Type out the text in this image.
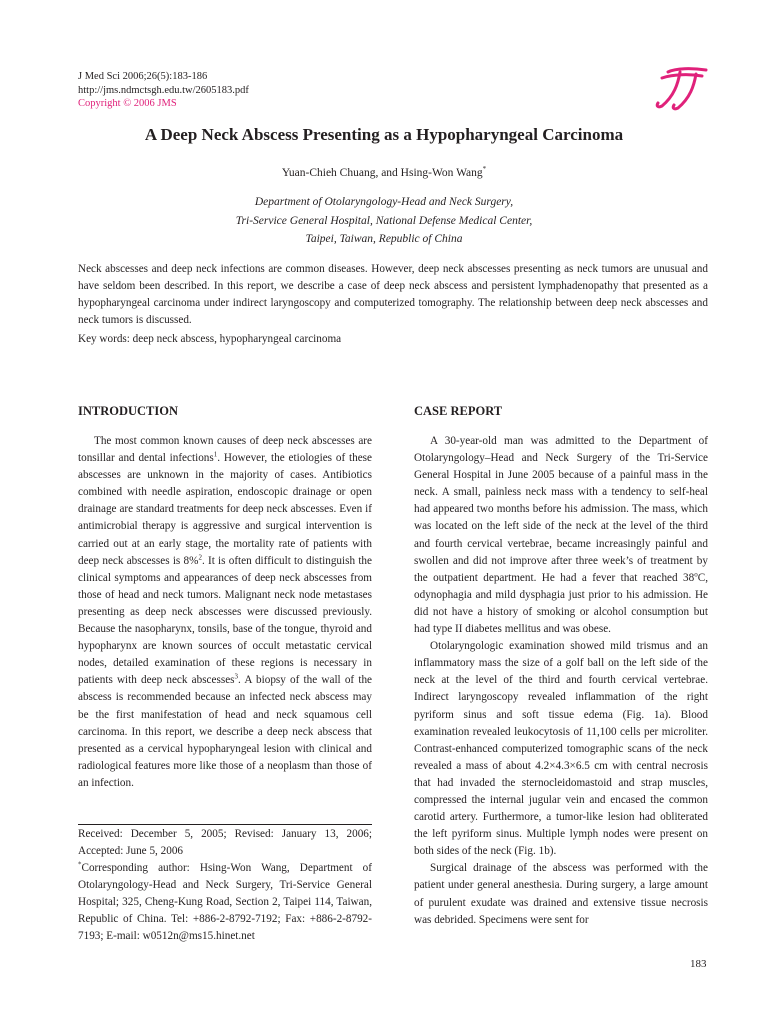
J Med Sci 2006;26(5):183-186
http://jms.ndmctsgh.edu.tw/2605183.pdf
Copyright © 2006 JMS
A Deep Neck Abscess Presenting as a Hypopharyngeal Carcinoma
Yuan-Chieh Chuang, and Hsing-Won Wang*
Department of Otolaryngology-Head and Neck Surgery,
Tri-Service General Hospital, National Defense Medical Center,
Taipei, Taiwan, Republic of China

Neck abscesses and deep neck infections are common diseases. However, deep neck abscesses presenting as neck tumors are unusual and have seldom been described. In this report, we describe a case of deep neck abscess and persistent lymphadenopathy that presented as a hypopharyngeal carcinoma under indirect laryngoscopy and computerized tomography. The relationship between deep neck abscesses and neck tumors is discussed.

Key words: deep neck abscess, hypopharyngeal carcinoma
INTRODUCTION

The most common known causes of deep neck abscesses are tonsillar and dental infections$^1$. However, the etiologies of these abscesses are unknown in the majority of cases. Antibiotics combined with needle aspiration, endoscopic drainage or open drainage are standard treatments for deep neck abscesses. Even if antimicrobial therapy is aggressive and surgical intervention is carried out at an early stage, the mortality rate of patients with deep neck abscesses is 8%$^2$. It is often difficult to distinguish the clinical symptoms and appearances of deep neck abscesses from those of head and neck tumors. Malignant neck node metastases presenting as deep neck abscesses were discussed previously. Because the nasopharynx, tonsils, base of the tongue, thyroid and hypopharynx are known sources of occult metastatic cervical nodes, detailed examination of these regions is necessary in patients with deep neck abscesses$^3$. A biopsy of the wall of the abscess is recommended because an infected neck abscess may be the first manifestation of head and neck squamous cell carcinoma. In this report, we describe a deep neck abscess that presented as a cervical hypopharyngeal lesion with clinical and radiological features more like those of a neoplasm than those of an infection.

Received: December 5, 2005; Revised: January 13, 2006; Accepted: June 5, 2006

*Corresponding author: Hsing-Won Wang, Department of Otolaryngology-Head and Neck Surgery, Tri-Service General Hospital; 325, Cheng-Kung Road, Section 2, Taipei 114, Taiwan, Republic of China. Tel: +886-2-8792-7192; Fax: +886-2-8792-7193; E-mail: w0512n@ms15.hinet.net

CASE REPORT

A 30-year-old man was admitted to the Department of Otolaryngology–Head and Neck Surgery of the Tri-Service General Hospital in June 2005 because of a painful mass in the neck. A small, painless neck mass with a tendency to self-heal had appeared two months before his admission. The mass, which was located on the left side of the neck at the level of the third and fourth cervical vertebrae, became increasingly painful and swollen and did not improve after three week’s of treatment by the outpatient department. He had a fever that reached 38$^o$C, odynophagia and mild dysphagia just prior to his admission. He did not have a history of smoking or alcohol consumption but had type II diabetes mellitus and was obese.

Otolaryngologic examination showed mild trismus and an inflammatory mass the size of a golf ball on the left side of the neck at the level of the third and fourth cervical vertebrae. Indirect laryngoscopy revealed inflammation of the right pyriform sinus and soft tissue edema (Fig. 1a). Blood examination revealed leukocytosis of 11,100 cells per microliter. Contrast-enhanced computerized tomographic scans of the neck revealed a mass of about 4.2×4.3×6.5 cm with central necrosis that had invaded the sternocleidomastoid and strap muscles, compressed the internal jugular vein and encased the common carotid artery. Furthermore, a tumor-like lesion had obliterated the left pyriform sinus. Multiple lymph nodes were present on both sides of the neck (Fig. 1b).

Surgical drainage of the abscess was performed with the patient under general anesthesia. During surgery, a large amount of purulent exudate was drained and extensive tissue necrosis was debrided. Specimens were sent for

183
